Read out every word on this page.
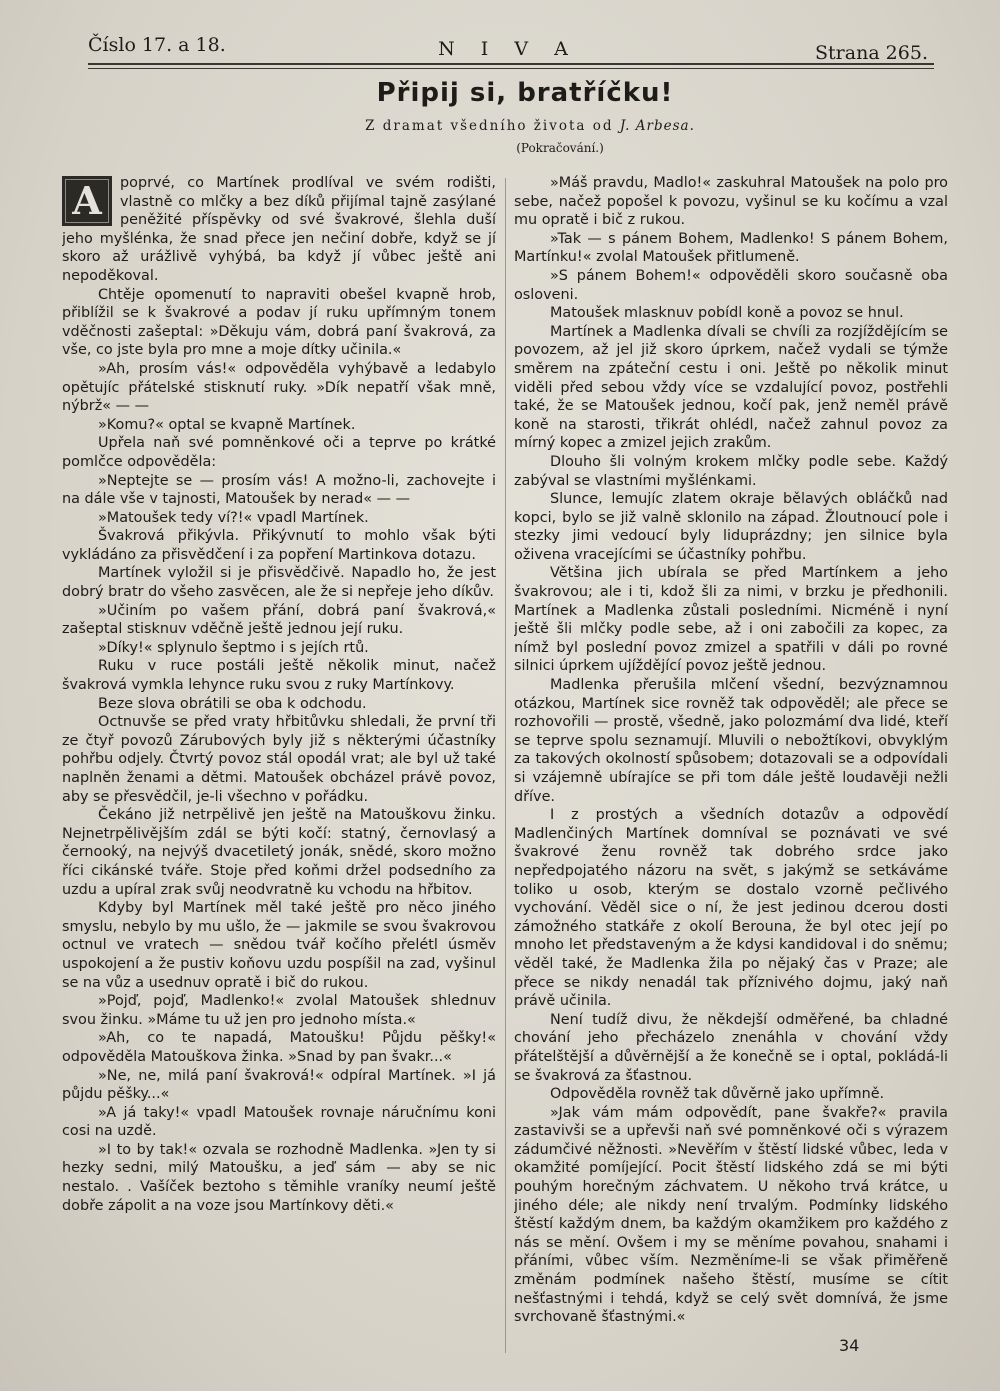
Číslo 17. a 18.	N I V A	Strana 265.
Připij si, bratříčku!
Z dramat všedního života od J. Arbesa.
(Pokračování.)

A	poprvé, co Martínek prodlíval ve svém rodišti, vlastně co mlčky a bez díků přijímal tajně zasýlané peněžité příspěvky od své švakrové, šlehla duší jeho myšlénka, že snad přece jen nečiní dobře, když se jí skoro až urážlivě vyhýbá, ba když jí vůbec ještě ani nepoděkoval.

Chtěje opomenutí to napraviti obešel kvapně hrob, přiblížil se k švakrové a podav jí ruku upřímným tonem vděčnosti zašeptal: »Děkuju vám, dobrá paní švakrová, za vše, co jste byla pro mne a moje dítky učinila.«

»Ah, prosím vás!« odpověděla vyhýbavě a ledabylo opětujíc přátelské stisknutí ruky. »Dík nepatří však mně, nýbrž« — —

»Komu?« optal se kvapně Martínek.

Upřela naň své pomněnkové oči a teprve po krátké pomlčce odpověděla:

»Neptejte se — prosím vás! A možno-li, zachovejte i na dále vše v tajnosti, Matoušek by nerad« — —

»Matoušek tedy ví?!« vpadl Martínek.

Švakrová přikývla. Přikývnutí to mohlo však býti vykládáno za přisvědčení i za popření Martinkova dotazu.

Martínek vyložil si je přisvědčivě. Napadlo ho, že jest dobrý bratr do všeho zasvěcen, ale že si nepřeje jeho díkův.

»Učiním po vašem přání, dobrá paní švakrová,« zašeptal stisknuv vděčně ještě jednou její ruku.

»Díky!« splynulo šeptmo i s jejích rtů.

Ruku v ruce postáli ještě několik minut, načež švakrová vymkla lehynce ruku svou z ruky Martínkovy.

Beze slova obrátili se oba k odchodu.

Octnuvše se před vraty hřbitůvku shledali, že první tři ze čtyř povozů Zárubových byly již s některými účastníky pohřbu odjely. Čtvrtý povoz stál opodál vrat; ale byl už také naplněn ženami a dětmi. Matoušek obcházel právě povoz, aby se přesvědčil, je-li všechno v pořádku.

Čekáno již netrpělivě jen ještě na Matouškovu žinku. Nejnetrpělivějším zdál se býti kočí: statný, černovlasý a černooký, na nejvýš dvacetiletý jonák, snědé, skoro možno říci cikánské tváře. Stoje před koňmi držel podsedního za uzdu a upíral zrak svůj neodvratně ku vchodu na hřbitov.

Kdyby byl Martínek měl také ještě pro něco jiného smyslu, nebylo by mu ušlo, že — jakmile se svou švakrovou octnul ve vratech — snědou tvář kočího přelétl úsměv uspokojení a že pustiv koňovu uzdu pospíšil na zad, vyšinul se na vůz a usednuv opratě i bič do rukou.

»Pojď, pojď, Madlenko!« zvolal Matoušek shlednuv svou žinku. »Máme tu už jen pro jednoho místa.«

»Ah, co te napadá, Matoušku! Půjdu pěšky!« odpověděla Matouškova žinka. »Snad by pan švakr...«

»Ne, ne, milá paní švakrová!« odpíral Martínek. »I já půjdu pěšky...«

»A já taky!« vpadl Matoušek rovnaje náručnímu koni cosi na uzdě.

»I to by tak!« ozvala se rozhodně Madlenka. »Jen ty si hezky sedni, milý Matoušku, a jeď sám — aby se nic nestalo. . Vašíček beztoho s těmihle vraníky neumí ještě dobře zápolit a na voze jsou Martínkovy děti.«

»Máš pravdu, Madlo!« zaskuhral Matoušek na polo pro sebe, načež popošel k povozu, vyšinul se ku kočímu a vzal mu opratě i bič z rukou.

»Tak — s pánem Bohem, Madlenko! S pánem Bohem, Martínku!« zvolal Matoušek přitlumeně.

»S pánem Bohem!« odpověděli skoro současně oba osloveni.

Matoušek mlasknuv pobídl koně a povoz se hnul.

Martínek a Madlenka dívali se chvíli za rozjíždějícím se povozem, až jel již skoro úprkem, načež vydali se týmže směrem na zpáteční cestu i oni. Ještě po několik minut viděli před sebou vždy více se vzdalující povoz, postřehli také, že se Matoušek jednou, kočí pak, jenž neměl právě koně na starosti, třikrát ohlédl, načež zahnul povoz za mírný kopec a zmizel jejich zrakům.

Dlouho šli volným krokem mlčky podle sebe. Každý zabýval se vlastními myšlénkami.

Slunce, lemujíc zlatem okraje bělavých obláčků nad kopci, bylo se již valně sklonilo na západ. Žloutnoucí pole i stezky jimi vedoucí byly liduprázdny; jen silnice byla oživena vracejícími se účastníky pohřbu.

Většina jich ubírala se před Martínkem a jeho švakrovou; ale i ti, kdož šli za nimi, v brzku je předhonili. Martínek a Madlenka zůstali posledními. Nicméně i nyní ještě šli mlčky podle sebe, až i oni zabočili za kopec, za nímž byl poslední povoz zmizel a spatřili v dáli po rovné silnici úprkem ujíždějící povoz ještě jednou.

Madlenka přerušila mlčení všední, bezvýznamnou otázkou, Martínek sice rovněž tak odpověděl; ale přece se rozhovořili — prostě, všedně, jako polozmámí dva lidé, kteří se teprve spolu seznamují. Mluvili o nebožtíkovi, obvyklým za takových okolností spůsobem; dotazovali se a odpovídali si vzájemně ubírajíce se při tom dále ještě loudavěji nežli dříve.

I z prostých a všedních dotazův a odpovědí Madlenčiných Martínek domníval se poznávati ve své švakrové ženu rovněž tak dobrého srdce jako nepředpojatého názoru na svět, s jakýmž se setkáváme toliko u osob, kterým se dostalo vzorně pečlivého vychování. Věděl sice o ní, že jest jedinou dcerou dosti zámožného statkáře z okolí Berouna, že byl otec její po mnoho let představeným a že kdysi kandidoval i do sněmu; věděl také, že Madlenka žila po nějaký čas v Praze; ale přece se nikdy nenadál tak příznivého dojmu, jaký naň právě učinila.

Není tudíž divu, že někdejší odměřené, ba chladné chování jeho přecházelo znenáhla v chování vždy přátelštější a důvěrnější a že konečně se i optal, pokládá-li se švakrová za šťastnou.

Odpověděla rovněž tak důvěrně jako upřímně.

»Jak vám mám odpovědít, pane švakře?« pravila zastavivši se a upřevši naň své pomněnkové oči s výrazem zádumčivé něžnosti. »Nevěřím v štěstí lidské vůbec, leda v okamžité pomíjející. Pocit štěstí lidského zdá se mi býti pouhým horečným záchvatem. U někoho trvá krátce, u jiného déle; ale nikdy není trvalým. Podmínky lidského štěstí každým dnem, ba každým okamžikem pro každého z nás se mění. Ovšem i my se měníme povahou, snahami i přáními, vůbec vším. Nezměníme-li se však přiměřeně změnám podmínek našeho štěstí, musíme se cítit nešťastnými i tehdá, když se celý svět domnívá, že jsme svrchovaně šťastnými.«

34
